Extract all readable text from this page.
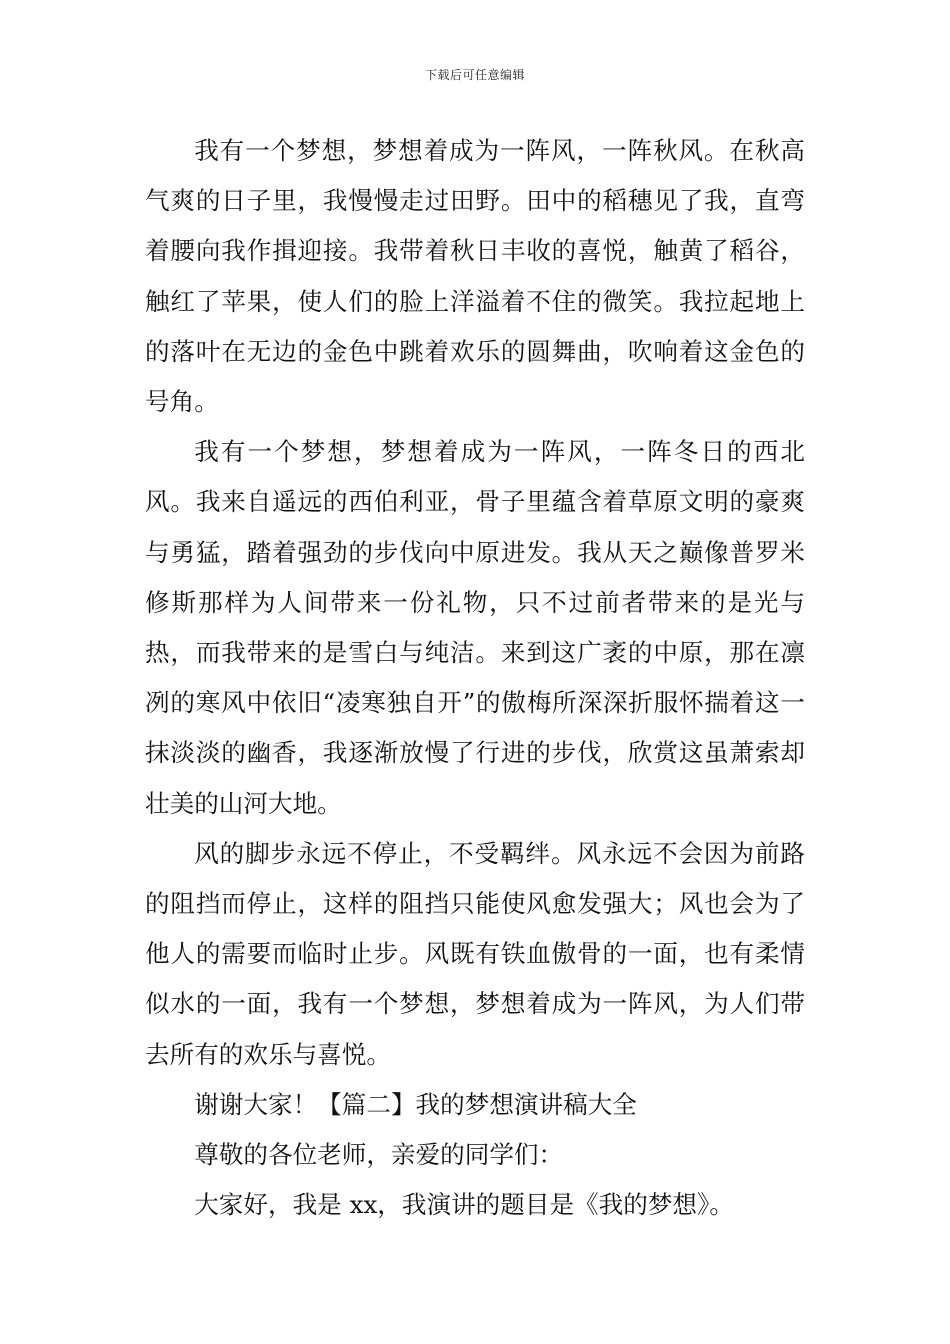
下载后可任意编辑

我有一个梦想，梦想着成为一阵风，一阵秋风。在秋高气爽的日子里，我慢慢走过田野。田中的稻穗见了我，直弯着腰向我作揖迎接。我带着秋日丰收的喜悦，触黄了稻谷，触红了苹果，使人们的脸上洋溢着不住的微笑。我拉起地上的落叶在无边的金色中跳着欢乐的圆舞曲，吹响着这金色的号角。

我有一个梦想，梦想着成为一阵风，一阵冬日的西北风。我来自遥远的西伯利亚，骨子里蕴含着草原文明的豪爽与勇猛，踏着强劲的步伐向中原进发。我从天之巅像普罗米修斯那样为人间带来一份礼物，只不过前者带来的是光与热，而我带来的是雪白与纯洁。来到这广袤的中原，那在凛冽的寒风中依旧“凌寒独自开”的傲梅所深深折服怀揣着这一抹淡淡的幽香，我逐渐放慢了行进的步伐，欣赏这虽萧索却壮美的山河大地。

风的脚步永远不停止，不受羁绊。风永远不会因为前路的阻挡而停止，这样的阻挡只能使风愈发强大；风也会为了他人的需要而临时止步。风既有铁血傲骨的一面，也有柔情似水的一面，我有一个梦想，梦想着成为一阵风，为人们带去所有的欢乐与喜悦。

谢谢大家！【篇二】我的梦想演讲稿大全

尊敬的各位老师，亲爱的同学们：

大家好，我是 xx，我演讲的题目是《我的梦想》。
